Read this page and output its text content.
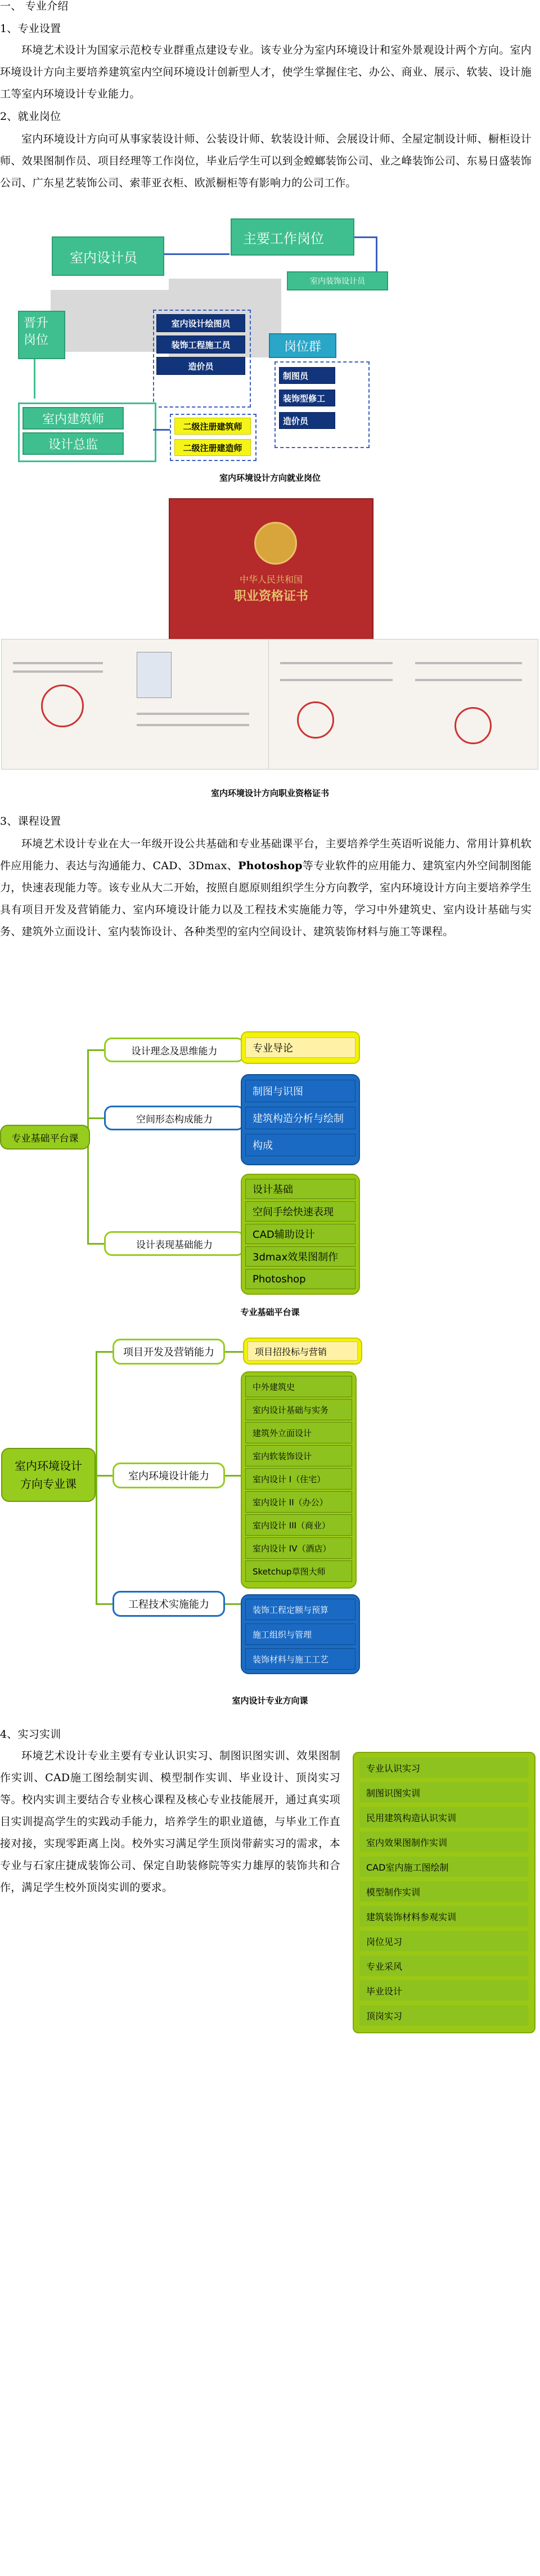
一、 专业介绍
1、专业设置
环境艺术设计为国家示范校专业群重点建设专业。该专业分为室内环境设计和室外景观设计两个方向。室内环境设计方向主要培养建筑室内空间环境设计创新型人才，使学生掌握住宅、办公、商业、展示、软装、设计施工等室内环境设计专业能力。
2、就业岗位
室内环境设计方向可从事家装设计师、公装设计师、软装设计师、会展设计师、全屋定制设计师、橱柜设计师、效果图制作员、项目经理等工作岗位，毕业后学生可以到金螳螂装饰公司、业之峰装饰公司、东易日盛装饰公司、广东星艺装饰公司、索菲亚衣柜、欧派橱柜等有影响力的公司工作。
室内设计员
主要工作岗位
室内装饰设计员
室内设计绘图员
装饰工程施工员
造价员
岗位群
制图员
装饰型修工
造价员
晋升岗位
室内建筑师
设计总监
二级注册建筑师
二级注册建造师
室内环境设计方向就业岗位
中华人民共和国
职业资格证书
室内环境设计方向职业资格证书
3、课程设置
环境艺术设计专业在大一年级开设公共基础和专业基础课平台，主要培养学生英语听说能力、常用计算机软件应用能力、表达与沟通能力、CAD、3Dmax、Photoshop等专业软件的应用能力、建筑室内外空间制图能力，快速表现能力等。该专业从大二开始，按照自愿原则组织学生分方向教学，室内环境设计方向主要培养学生具有项目开发及营销能力、室内环境设计能力以及工程技术实施能力等，学习中外建筑史、室内设计基础与实务、建筑外立面设计、室内装饰设计、各种类型的室内空间设计、建筑装饰材料与施工等课程。
专业基础平台课
设计理念及思维能力
空间形态构成能力
设计表现基础能力
专业导论
制图与识图
建筑构造分析与绘制
构成
设计基础
空间手绘快速表现
CAD辅助设计
3dmax效果图制作
Photoshop
专业基础平台课
室内环境设计方向专业课
项目开发及营销能力
室内环境设计能力
工程技术实施能力
项目招投标与营销
中外建筑史
室内设计基础与实务
建筑外立面设计
室内软装饰设计
室内设计 I（住宅）
室内设计 II（办公）
室内设计 III（商业）
室内设计 IV（酒店）
Sketchup草图大师
装饰工程定额与预算
施工组织与管理
装饰材料与施工工艺
室内设计专业方向课
4、实习实训
环境艺术设计专业主要有专业认识实习、制图识图实训、效果图制作实训、CAD施工图绘制实训、模型制作实训、毕业设计、顶岗实习等。校内实训主要结合专业核心课程及核心专业技能展开，通过真实项目实训提高学生的实践动手能力，培养学生的职业道德，与毕业工作直接对接，实现零距离上岗。校外实习满足学生顶岗带薪实习的需求，本专业与石家庄捷成装饰公司、保定自助装修院等实力雄厚的装饰共和合作，满足学生校外顶岗实训的要求。
专业认识实习
制图识图实训
民用建筑构造认识实训
室内效果图制作实训
CAD室内施工图绘制
模型制作实训
建筑装饰材料参观实训
岗位见习
专业采风
毕业设计
顶岗实习
